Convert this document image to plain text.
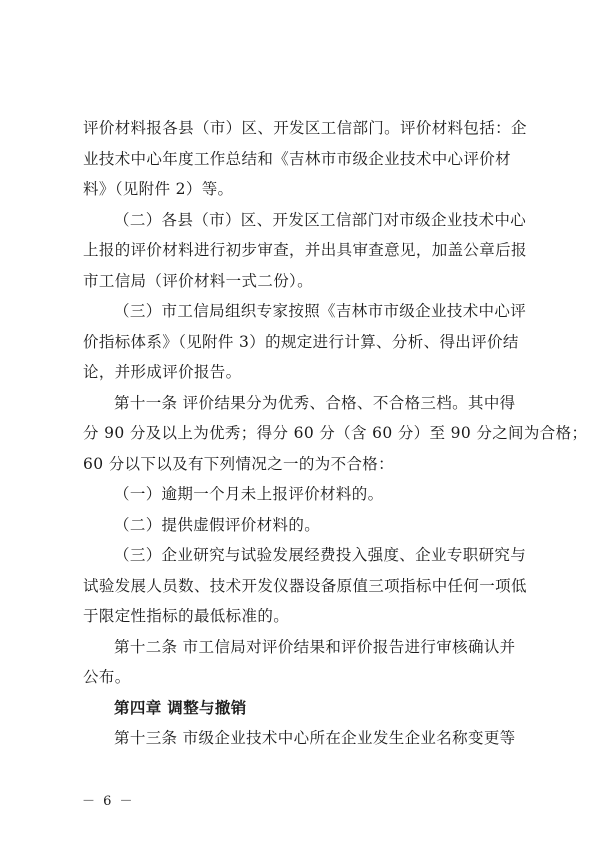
评价材料报各县（市）区、开发区工信部门。评价材料包括：企
业技术中心年度工作总结和《吉林市市级企业技术中心评价材
料》（见附件 2）等。
（二）各县（市）区、开发区工信部门对市级企业技术中心
上报的评价材料进行初步审查，并出具审查意见，加盖公章后报
市工信局（评价材料一式二份）。
（三）市工信局组织专家按照《吉林市市级企业技术中心评
价指标体系》（见附件 3）的规定进行计算、分析、得出评价结
论，并形成评价报告。
第十一条 评价结果分为优秀、合格、不合格三档。其中得
分 90 分及以上为优秀；得分 60 分（含 60 分）至 90 分之间为合格；
60 分以下以及有下列情况之一的为不合格：
（一）逾期一个月未上报评价材料的。
（二）提供虚假评价材料的。
（三）企业研究与试验发展经费投入强度、企业专职研究与
试验发展人员数、技术开发仪器设备原值三项指标中任何一项低
于限定性指标的最低标准的。
第十二条 市工信局对评价结果和评价报告进行审核确认并
公布。
第四章 调整与撤销
第十三条 市级企业技术中心所在企业发生企业名称变更等
－ 6 －
